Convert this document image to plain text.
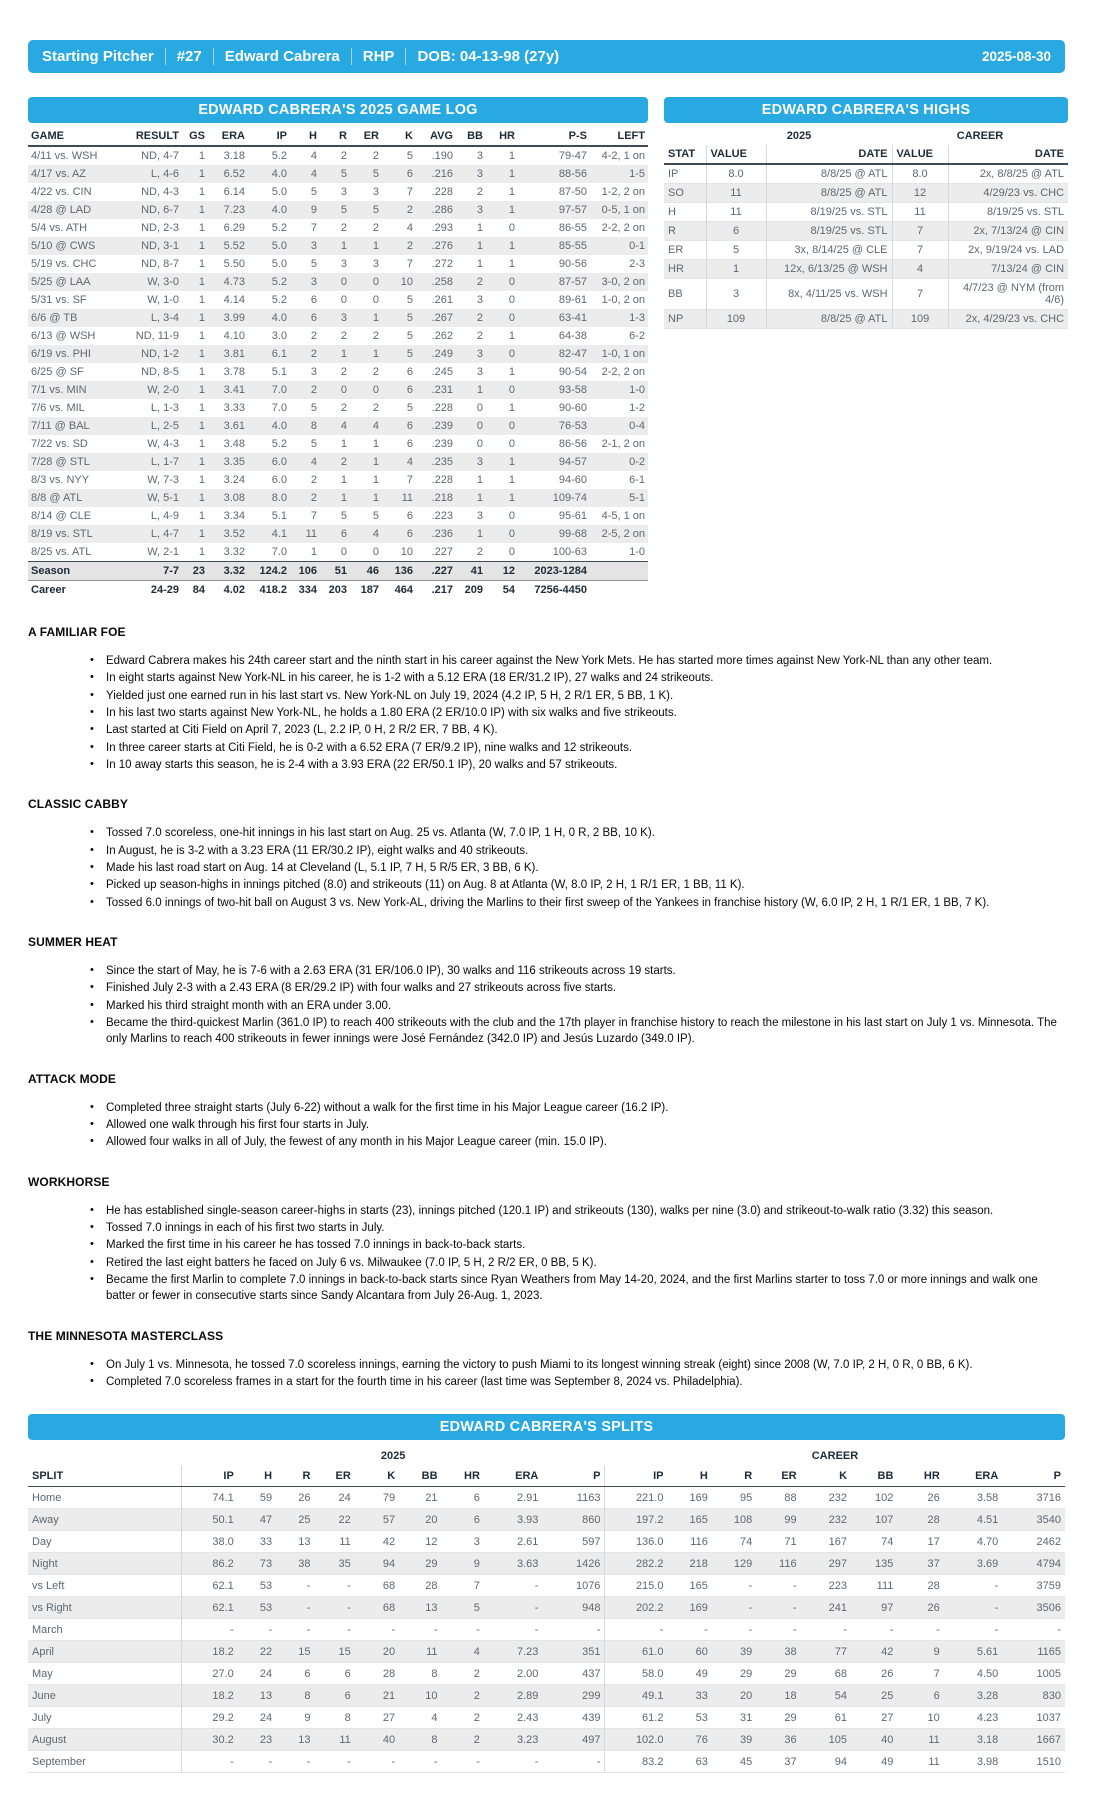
Starting Pitcher #27 Edward Cabrera RHP DOB: 04-13-98 (27y)	2025-08-30
EDWARD CABRERA'S 2025 GAME LOG
GAME	RESULT	GS	ERA	IP	H	R	ER	K	AVG	BB	HR	P-S	LEFT
4/11 vs. WSH	ND, 4-7	1	3.18	5.2	4	2	2	5	.190	3	1	79-47	4-2, 1 on
4/17 vs. AZ	L, 4-6	1	6.52	4.0	4	5	5	6	.216	3	1	88-56	1-5
4/22 vs. CIN	ND, 4-3	1	6.14	5.0	5	3	3	7	.228	2	1	87-50	1-2, 2 on
4/28 @ LAD	ND, 6-7	1	7.23	4.0	9	5	5	2	.286	3	1	97-57	0-5, 1 on
5/4 vs. ATH	ND, 2-3	1	6.29	5.2	7	2	2	4	.293	1	0	86-55	2-2, 2 on
5/10 @ CWS	ND, 3-1	1	5.52	5.0	3	1	1	2	.276	1	1	85-55	0-1
5/19 vs. CHC	ND, 8-7	1	5.50	5.0	5	3	3	7	.272	1	1	90-56	2-3
5/25 @ LAA	W, 3-0	1	4.73	5.2	3	0	0	10	.258	2	0	87-57	3-0, 2 on
5/31 vs. SF	W, 1-0	1	4.14	5.2	6	0	0	5	.261	3	0	89-61	1-0, 2 on
6/6 @ TB	L, 3-4	1	3.99	4.0	6	3	1	5	.267	2	0	63-41	1-3
6/13 @ WSH	ND, 11-9	1	4.10	3.0	2	2	2	5	.262	2	1	64-38	6-2
6/19 vs. PHI	ND, 1-2	1	3.81	6.1	2	1	1	5	.249	3	0	82-47	1-0, 1 on
6/25 @ SF	ND, 8-5	1	3.78	5.1	3	2	2	6	.245	3	1	90-54	2-2, 2 on
7/1 vs. MIN	W, 2-0	1	3.41	7.0	2	0	0	6	.231	1	0	93-58	1-0
7/6 vs. MIL	L, 1-3	1	3.33	7.0	5	2	2	5	.228	0	1	90-60	1-2
7/11 @ BAL	L, 2-5	1	3.61	4.0	8	4	4	6	.239	0	0	76-53	0-4
7/22 vs. SD	W, 4-3	1	3.48	5.2	5	1	1	6	.239	0	0	86-56	2-1, 2 on
7/28 @ STL	L, 1-7	1	3.35	6.0	4	2	1	4	.235	3	1	94-57	0-2
8/3 vs. NYY	W, 7-3	1	3.24	6.0	2	1	1	7	.228	1	1	94-60	6-1
8/8 @ ATL	W, 5-1	1	3.08	8.0	2	1	1	11	.218	1	1	109-74	5-1
8/14 @ CLE	L, 4-9	1	3.34	5.1	7	5	5	6	.223	3	0	95-61	4-5, 1 on
8/19 vs. STL	L, 4-7	1	3.52	4.1	11	6	4	6	.236	1	0	99-68	2-5, 2 on
8/25 vs. ATL	W, 2-1	1	3.32	7.0	1	0	0	10	.227	2	0	100-63	1-0
Season	7-7	23	3.32	124.2	106	51	46	136	.227	41	12	2023-1284	
Career	24-29	84	4.02	418.2	334	203	187	464	.217	209	54	7256-4450	
EDWARD CABRERA'S HIGHS
	2025		CAREER	
STAT	VALUE	DATE	VALUE	DATE
IP	8.0	8/8/25 @ ATL	8.0	2x, 8/8/25 @ ATL
SO	11	8/8/25 @ ATL	12	4/29/23 vs. CHC
H	11	8/19/25 vs. STL	11	8/19/25 vs. STL
R	6	8/19/25 vs. STL	7	2x, 7/13/24 @ CIN
ER	5	3x, 8/14/25 @ CLE	7	2x, 9/19/24 vs. LAD
HR	1	12x, 6/13/25 @ WSH	4	7/13/24 @ CIN
BB	3	8x, 4/11/25 vs. WSH	7	4/7/23 @ NYM (from 4/6)
NP	109	8/8/25 @ ATL	109	2x, 4/29/23 vs. CHC
A FAMILIAR FOE
• Edward Cabrera makes his 24th career start and the ninth start in his career against the New York Mets. He has started more times against New York-NL than any other team.
• In eight starts against New York-NL in his career, he is 1-2 with a 5.12 ERA (18 ER/31.2 IP), 27 walks and 24 strikeouts.
• Yielded just one earned run in his last start vs. New York-NL on July 19, 2024 (4.2 IP, 5 H, 2 R/1 ER, 5 BB, 1 K).
• In his last two starts against New York-NL, he holds a 1.80 ERA (2 ER/10.0 IP) with six walks and five strikeouts.
• Last started at Citi Field on April 7, 2023 (L, 2.2 IP, 0 H, 2 R/2 ER, 7 BB, 4 K).
• In three career starts at Citi Field, he is 0-2 with a 6.52 ERA (7 ER/9.2 IP), nine walks and 12 strikeouts.
• In 10 away starts this season, he is 2-4 with a 3.93 ERA (22 ER/50.1 IP), 20 walks and 57 strikeouts.
CLASSIC CABBY
• Tossed 7.0 scoreless, one-hit innings in his last start on Aug. 25 vs. Atlanta (W, 7.0 IP, 1 H, 0 R, 2 BB, 10 K).
• In August, he is 3-2 with a 3.23 ERA (11 ER/30.2 IP), eight walks and 40 strikeouts.
• Made his last road start on Aug. 14 at Cleveland (L, 5.1 IP, 7 H, 5 R/5 ER, 3 BB, 6 K).
• Picked up season-highs in innings pitched (8.0) and strikeouts (11) on Aug. 8 at Atlanta (W, 8.0 IP, 2 H, 1 R/1 ER, 1 BB, 11 K).
• Tossed 6.0 innings of two-hit ball on August 3 vs. New York-AL, driving the Marlins to their first sweep of the Yankees in franchise history (W, 6.0 IP, 2 H, 1 R/1 ER, 1 BB, 7 K).
SUMMER HEAT
• Since the start of May, he is 7-6 with a 2.63 ERA (31 ER/106.0 IP), 30 walks and 116 strikeouts across 19 starts.
• Finished July 2-3 with a 2.43 ERA (8 ER/29.2 IP) with four walks and 27 strikeouts across five starts.
• Marked his third straight month with an ERA under 3.00.
• Became the third-quickest Marlin (361.0 IP) to reach 400 strikeouts with the club and the 17th player in franchise history to reach the milestone in his last start on July 1 vs. Minnesota. The only Marlins to reach 400 strikeouts in fewer innings were José Fernández (342.0 IP) and Jesús Luzardo (349.0 IP).
ATTACK MODE
• Completed three straight starts (July 6-22) without a walk for the first time in his Major League career (16.2 IP).
• Allowed one walk through his first four starts in July.
• Allowed four walks in all of July, the fewest of any month in his Major League career (min. 15.0 IP).
WORKHORSE
• He has established single-season career-highs in starts (23), innings pitched (120.1 IP) and strikeouts (130), walks per nine (3.0) and strikeout-to-walk ratio (3.32) this season.
• Tossed 7.0 innings in each of his first two starts in July.
• Marked the first time in his career he has tossed 7.0 innings in back-to-back starts.
• Retired the last eight batters he faced on July 6 vs. Milwaukee (7.0 IP, 5 H, 2 R/2 ER, 0 BB, 5 K).
• Became the first Marlin to complete 7.0 innings in back-to-back starts since Ryan Weathers from May 14-20, 2024, and the first Marlins starter to toss 7.0 or more innings and walk one batter or fewer in consecutive starts since Sandy Alcantara from July 26-Aug. 1, 2023.
THE MINNESOTA MASTERCLASS
• On July 1 vs. Minnesota, he tossed 7.0 scoreless innings, earning the victory to push Miami to its longest winning streak (eight) since 2008 (W, 7.0 IP, 2 H, 0 R, 0 BB, 6 K).
• Completed 7.0 scoreless frames in a start for the fourth time in his career (last time was September 8, 2024 vs. Philadelphia).
EDWARD CABRERA'S SPLITS
	2025									CAREER								
SPLIT	IP	H	R	ER	K	BB	HR	ERA	P	IP	H	R	ER	K	BB	HR	ERA	P
Home	74.1	59	26	24	79	21	6	2.91	1163	221.0	169	95	88	232	102	26	3.58	3716
Away	50.1	47	25	22	57	20	6	3.93	860	197.2	165	108	99	232	107	28	4.51	3540
Day	38.0	33	13	11	42	12	3	2.61	597	136.0	116	74	71	167	74	17	4.70	2462
Night	86.2	73	38	35	94	29	9	3.63	1426	282.2	218	129	116	297	135	37	3.69	4794
vs Left	62.1	53	-	-	68	28	7	-	1076	215.0	165	-	-	223	111	28	-	3759
vs Right	62.1	53	-	-	68	13	5	-	948	202.2	169	-	-	241	97	26	-	3506
March	-	-	-	-	-	-	-	-	-	-	-	-	-	-	-	-	-	-
April	18.2	22	15	15	20	11	4	7.23	351	61.0	60	39	38	77	42	9	5.61	1165
May	27.0	24	6	6	28	8	2	2.00	437	58.0	49	29	29	68	26	7	4.50	1005
June	18.2	13	8	6	21	10	2	2.89	299	49.1	33	20	18	54	25	6	3.28	830
July	29.2	24	9	8	27	4	2	2.43	439	61.2	53	31	29	61	27	10	4.23	1037
August	30.2	23	13	11	40	8	2	3.23	497	102.0	76	39	36	105	40	11	3.18	1667
September	-	-	-	-	-	-	-	-	-	83.2	63	45	37	94	49	11	3.98	1510
